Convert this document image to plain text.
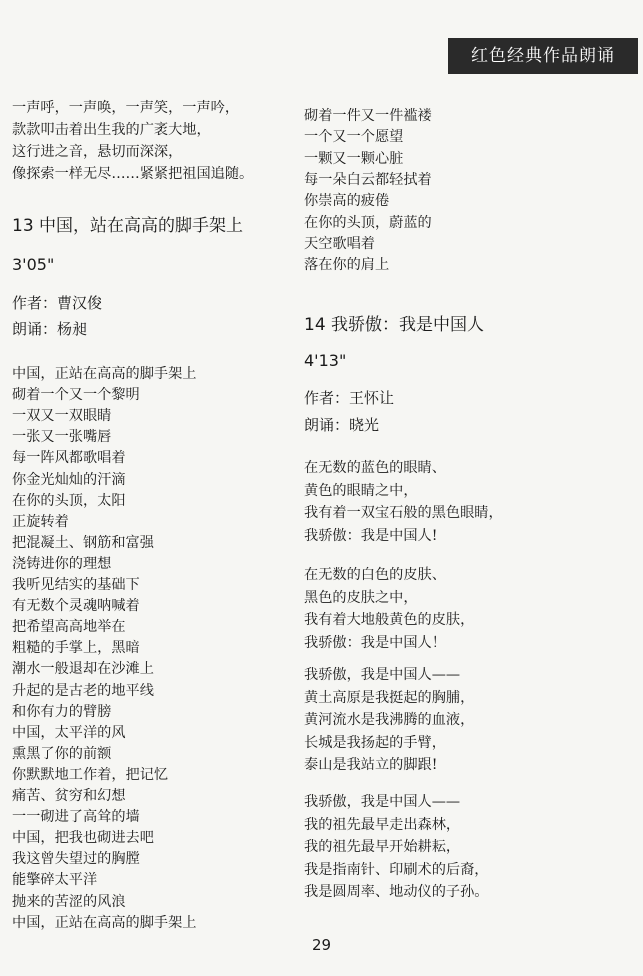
红色经典作品朗诵
一声呼，一声唤，一声笑，一声吟，
款款叩击着出生我的广袤大地，
这行进之音，悬切而深深，
像探索一样无尽……紧紧把祖国追随。
13 中国，站在高高的脚手架上
3'05"
作者：曹汉俊
朗诵：杨昶
中国，正站在高高的脚手架上
砌着一个又一个黎明
一双又一双眼睛
一张又一张嘴唇
每一阵风都歌唱着
你金光灿灿的汗滴
在你的头顶，太阳
正旋转着
把混凝土、钢筋和富强
浇铸进你的理想
我听见结实的基础下
有无数个灵魂呐喊着
把希望高高地举在
粗糙的手掌上，黑暗
潮水一般退却在沙滩上
升起的是古老的地平线
和你有力的臂膀
中国，太平洋的风
熏黑了你的前额
你默默地工作着，把记忆
痛苦、贫穷和幻想
一一砌进了高耸的墙
中国，把我也砌进去吧
我这曾失望过的胸膛
能擎碎太平洋
抛来的苦涩的风浪
中国，正站在高高的脚手架上
砌着一件又一件褴褛
一个又一个愿望
一颗又一颗心脏
每一朵白云都轻拭着
你崇高的疲倦
在你的头顶，蔚蓝的
天空歌唱着
落在你的肩上
14 我骄傲：我是中国人
4'13"
作者：王怀让
朗诵：晓光
在无数的蓝色的眼睛、
黄色的眼睛之中，
我有着一双宝石般的黑色眼睛，
我骄傲：我是中国人!
在无数的白色的皮肤、
黑色的皮肤之中，
我有着大地般黄色的皮肤，
我骄傲：我是中国人！
我骄傲，我是中国人——
黄土高原是我挺起的胸脯，
黄河流水是我沸腾的血液，
长城是我扬起的手臂，
泰山是我站立的脚跟!
我骄傲，我是中国人——
我的祖先最早走出森林，
我的祖先最早开始耕耘，
我是指南针、印刷术的后裔，
我是圆周率、地动仪的子孙。
29
